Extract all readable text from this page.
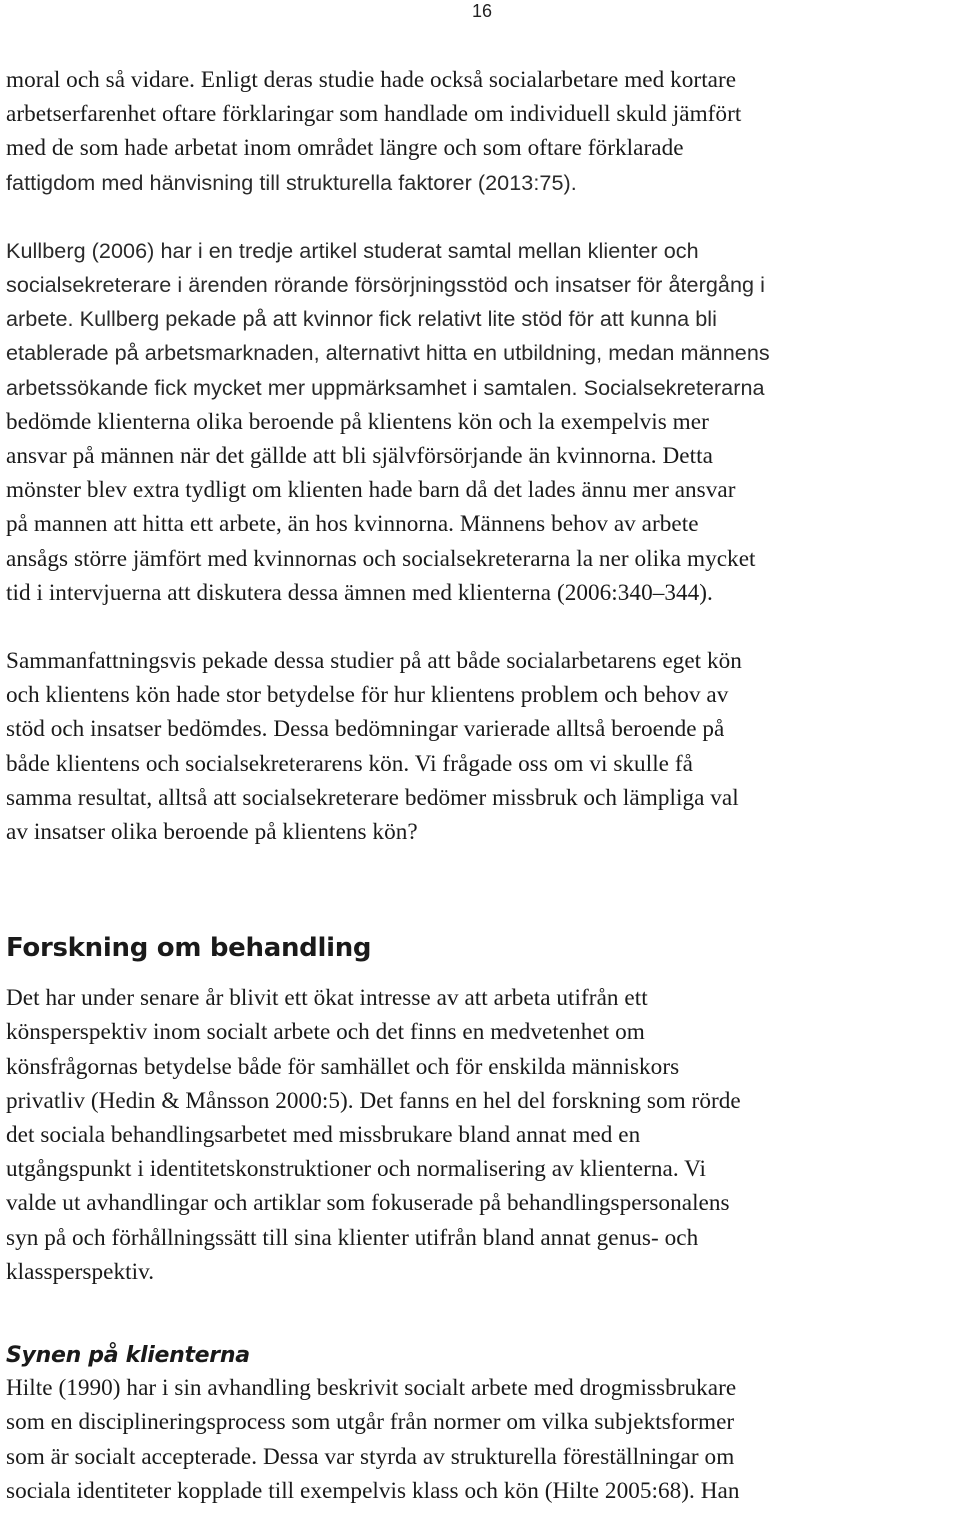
16

moral och så vidare. Enligt deras studie hade också socialarbetare med kortare
arbetserfarenhet oftare förklaringar som handlade om individuell skuld jämfört
med de som hade arbetat inom området längre och som oftare förklarade
fattigdom med hänvisning till strukturella faktorer (2013:75).

Kullberg (2006) har i en tredje artikel studerat samtal mellan klienter och
socialsekreterare i ärenden rörande försörjningsstöd och insatser för återgång i
arbete. Kullberg pekade på att kvinnor fick relativt lite stöd för att kunna bli
etablerade på arbetsmarknaden, alternativt hitta en utbildning, medan männens
arbetssökande fick mycket mer uppmärksamhet i samtalen. Socialsekreterarna
bedömde klienterna olika beroende på klientens kön och la exempelvis mer
ansvar på männen när det gällde att bli självförsörjande än kvinnorna. Detta
mönster blev extra tydligt om klienten hade barn då det lades ännu mer ansvar
på mannen att hitta ett arbete, än hos kvinnorna. Männens behov av arbete
ansågs större jämfört med kvinnornas och socialsekreterarna la ner olika mycket
tid i intervjuerna att diskutera dessa ämnen med klienterna (2006:340–344).

Sammanfattningsvis pekade dessa studier på att både socialarbetarens eget kön
och klientens kön hade stor betydelse för hur klientens problem och behov av
stöd och insatser bedömdes. Dessa bedömningar varierade alltså beroende på
både klientens och socialsekreterarens kön. Vi frågade oss om vi skulle få
samma resultat, alltså att socialsekreterare bedömer missbruk och lämpliga val
av insatser olika beroende på klientens kön?

Forskning om behandling

Det har under senare år blivit ett ökat intresse av att arbeta utifrån ett
könsperspektiv inom socialt arbete och det finns en medvetenhet om
könsfrågornas betydelse både för samhället och för enskilda människors
privatliv (Hedin & Månsson 2000:5). Det fanns en hel del forskning som rörde
det sociala behandlingsarbetet med missbrukare bland annat med en
utgångspunkt i identitetskonstruktioner och normalisering av klienterna. Vi
valde ut avhandlingar och artiklar som fokuserade på behandlingspersonalens
syn på och förhållningssätt till sina klienter utifrån bland annat genus- och
klassperspektiv.

Synen på klienterna

Hilte (1990) har i sin avhandling beskrivit socialt arbete med drogmissbrukare
som en disciplineringsprocess som utgår från normer om vilka subjektsformer
som är socialt accepterade. Dessa var styrda av strukturella föreställningar om
sociala identiteter kopplade till exempelvis klass och kön (Hilte 2005:68). Han
